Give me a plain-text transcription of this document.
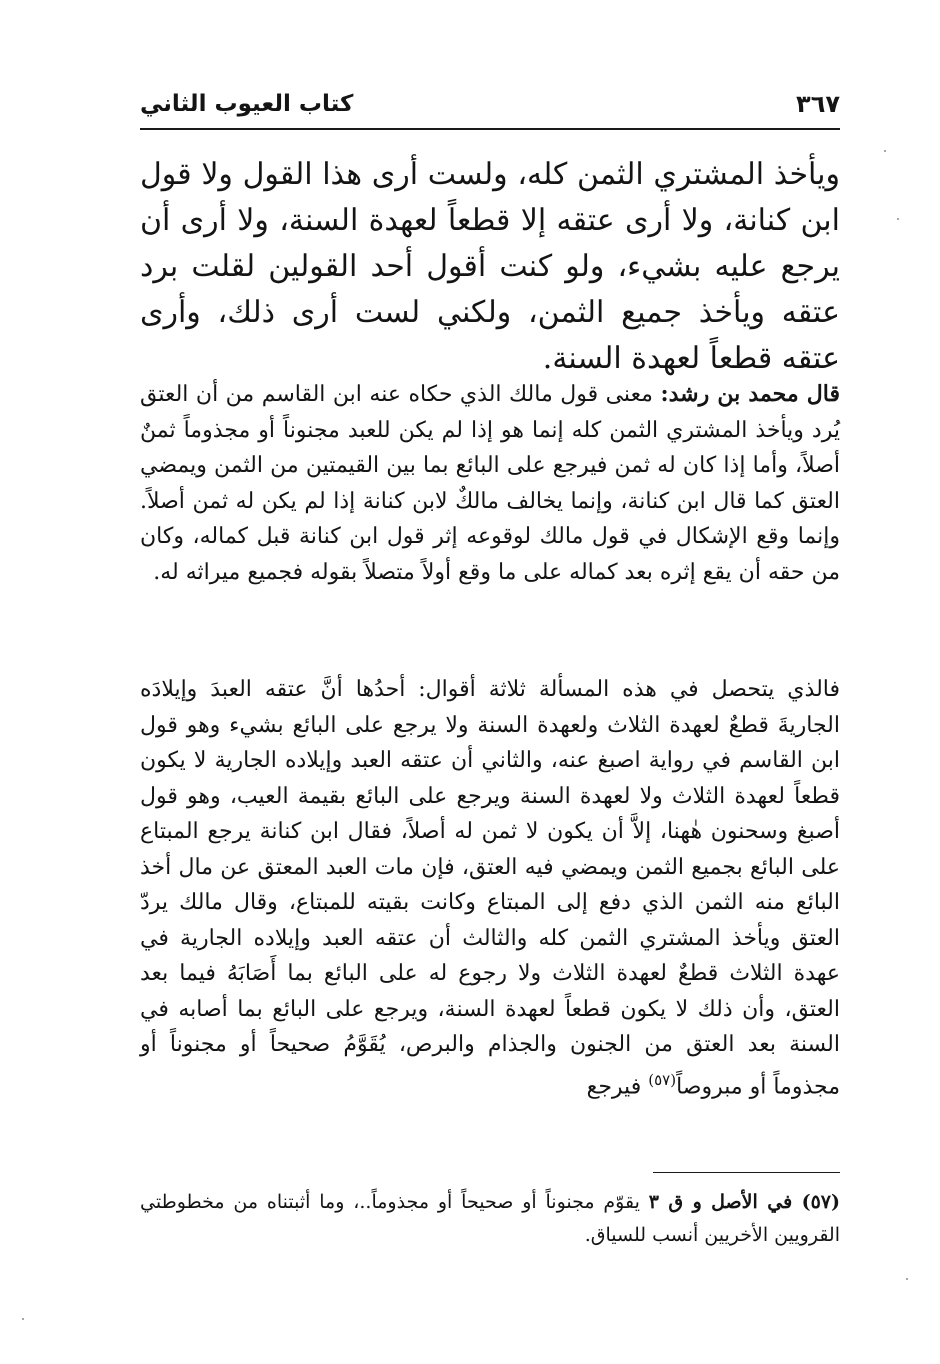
كتاب العيوب الثاني	٣٦٧

ويأخذ المشتري الثمن كله، ولست أرى هذا القول ولا قول ابن كنانة، ولا أرى عتقه إلا قطعاً لعهدة السنة، ولا أرى أن يرجع عليه بشيء، ولو كنت أقول أحد القولين لقلت برد عتقه ويأخذ جميع الثمن، ولكني لست أرى ذلك، وأرى عتقه قطعاً لعهدة السنة.

قال محمد بن رشد: معنى قول مالك الذي حكاه عنه ابن القاسم من أن العتق يُرد ويأخذ المشتري الثمن كله إنما هو إذا لم يكن للعبد مجنوناً أو مجذوماً ثمنٌ أصلاً، وأما إذا كان له ثمن فيرجع على البائع بما بين القيمتين من الثمن ويمضي العتق كما قال ابن كنانة، وإنما يخالف مالكٌ لابن كنانة إذا لم يكن له ثمن أصلاً. وإنما وقع الإشكال في قول مالك لوقوعه إثر قول ابن كنانة قبل كماله، وكان من حقه أن يقع إثره بعد كماله على ما وقع أولاً متصلاً بقوله فجميع ميراثه له.

فالذي يتحصل في هذه المسألة ثلاثة أقوال: أحدُها أنَّ عتقه العبدَ وإيلادَه الجاريةَ قطعٌ لعهدة الثلاث ولعهدة السنة ولا يرجع على البائع بشيء وهو قول ابن القاسم في رواية اصبغ عنه، والثاني أن عتقه العبد وإيلاده الجارية لا يكون قطعاً لعهدة الثلاث ولا لعهدة السنة ويرجع على البائع بقيمة العيب، وهو قول أصبغ وسحنون هٰهنا، إلاَّ أن يكون لا ثمن له أصلاً، فقال ابن كنانة يرجع المبتاع على البائع بجميع الثمن ويمضي فيه العتق، فإن مات العبد المعتق عن مال أخذ البائع منه الثمن الذي دفع إلى المبتاع وكانت بقيته للمبتاع، وقال مالك يردّ العتق ويأخذ المشتري الثمن كله والثالث أن عتقه العبد وإيلاده الجارية في عهدة الثلاث قطعٌ لعهدة الثلاث ولا رجوع له على البائع بما أَصَابَهُ فيما بعد العتق، وأن ذلك لا يكون قطعاً لعهدة السنة، ويرجع على البائع بما أصابه في السنة بعد العتق من الجنون والجذام والبرص، يُقَوَّمُ صحيحاً أو مجنوناً أو مجذوماً أو مبروصاً$^{(٥٧)}$ فيرجع

(٥٧) في الأصل و ق ٣ يقوّم مجنوناً أو صحيحاً أو مجذوماً..، وما أثبتناه من مخطوطتي القرويين الأخريين أنسب للسياق.
